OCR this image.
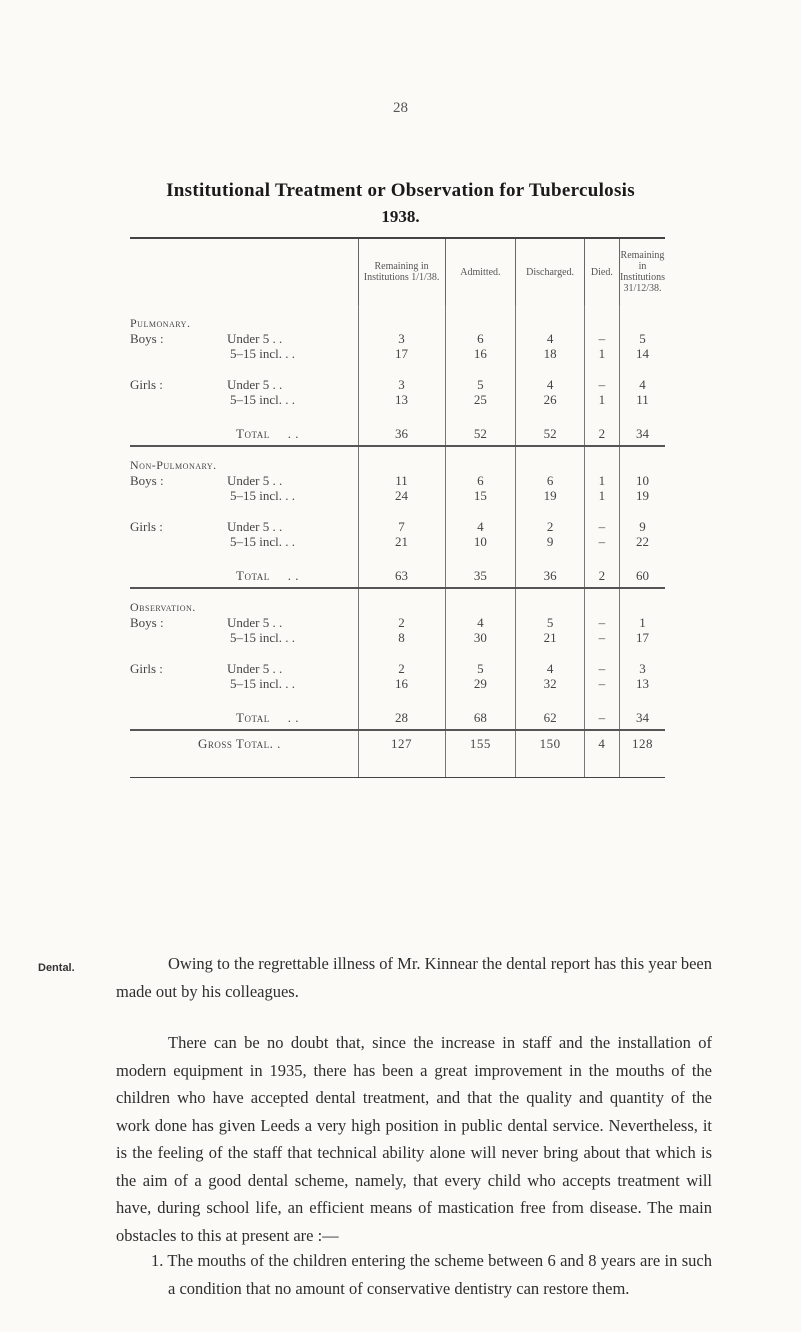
28
Institutional Treatment or Observation for Tuberculosis
1938.
	Remaining in Institutions 1/1/38.	Admitted.	Discharged.	Died.	Remaining in Institutions 31/12/38.
Pulmonary.					
Boys : Under 5 . .	3	6	4	–	5
5–15 incl. . .	17	16	18	1	14

Girls : Under 5 . .	3	5	4	–	4
5–15 incl. . .	13	25	26	1	11

Total . .	36	52	52	2	34
Non-Pulmonary.					
Boys : Under 5 . .	11	6	6	1	10
5–15 incl. . .	24	15	19	1	19

Girls : Under 5 . .	7	4	2	–	9
5–15 incl. . .	21	10	9	–	22

Total . .	63	35	36	2	60
Observation.					
Boys : Under 5 . .	2	4	5	–	1
5–15 incl. . .	8	30	21	–	17

Girls : Under 5 . .	2	5	4	–	3
5–15 incl. . .	16	29	32	–	13

Total . .	28	68	62	–	34
Gross Total. .	127	155	150	4	128

Dental.	Owing to the regrettable illness of Mr. Kinnear the dental report has this year been made out by his colleagues.
There can be no doubt that, since the increase in staff and the installation of modern equipment in 1935, there has been a great improvement in the mouths of the children who have accepted dental treatment, and that the quality and quantity of the work done has given Leeds a very high position in public dental service. Nevertheless, it is the feeling of the staff that technical ability alone will never bring about that which is the aim of a good dental scheme, namely, that every child who accepts treatment will have, during school life, an efficient means of mastication free from disease. The main obstacles to this at present are :—
1. The mouths of the children entering the scheme between 6 and 8 years are in such a condition that no amount of conservative dentistry can restore them.
